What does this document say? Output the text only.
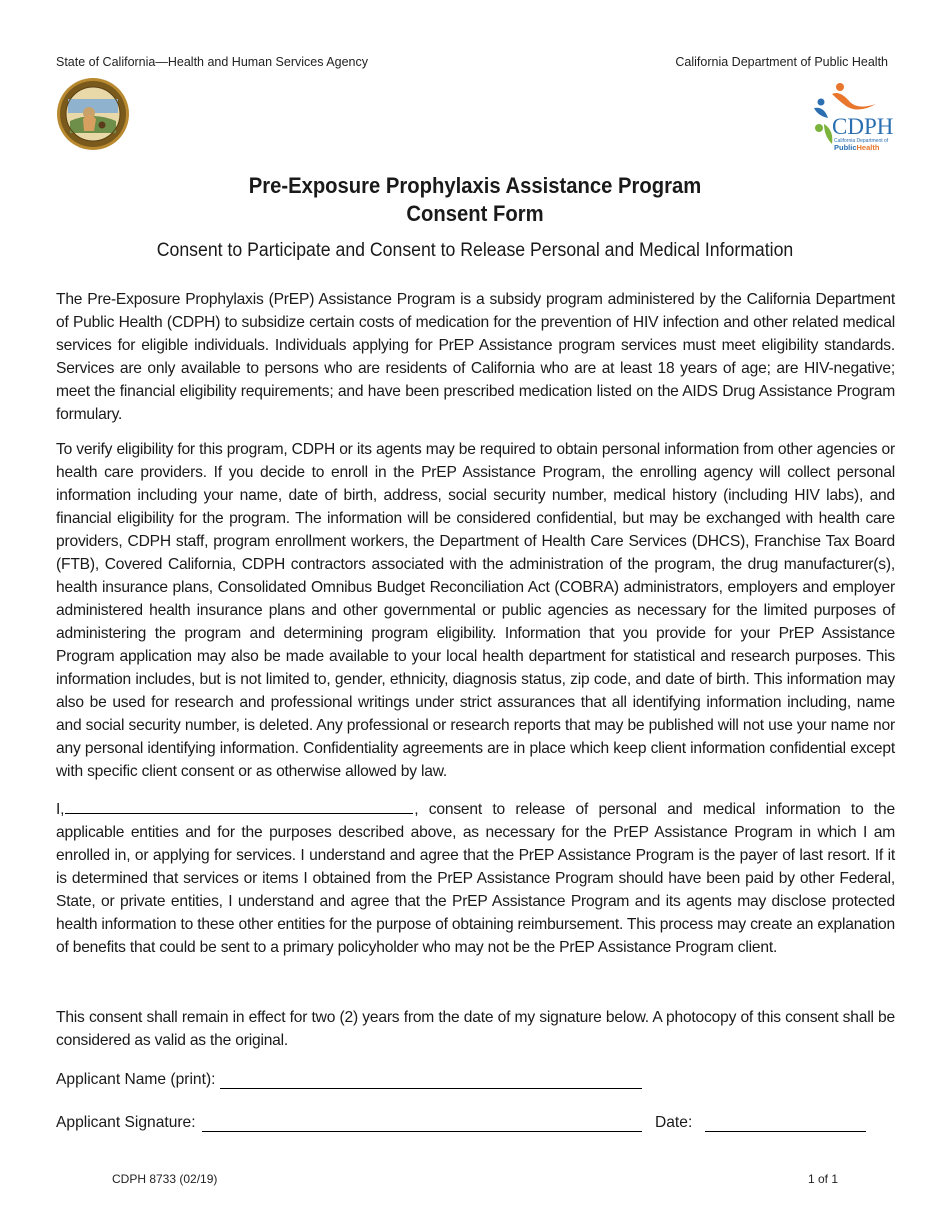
State of California—Health and Human Services Agency	California Department of Public Health
CDPH
California Department of
PublicHealth
Pre-Exposure Prophylaxis Assistance Program
Consent Form
Consent to Participate and Consent to Release Personal and Medical Information
The Pre-Exposure Prophylaxis (PrEP) Assistance Program is a subsidy program administered by the California Department of Public Health (CDPH) to subsidize certain costs of medication for the prevention of HIV infection and other related medical services for eligible individuals. Individuals applying for PrEP Assistance program services must meet eligibility standards. Services are only available to persons who are residents of California who are at least 18 years of age; are HIV-negative; meet the financial eligibility requirements; and have been prescribed medication listed on the AIDS Drug Assistance Program formulary.
To verify eligibility for this program, CDPH or its agents may be required to obtain personal information from other agencies or health care providers. If you decide to enroll in the PrEP Assistance Program, the enrolling agency will collect personal information including your name, date of birth, address, social security number, medical history (including HIV labs), and financial eligibility for the program. The information will be considered confidential, but may be exchanged with health care providers, CDPH staff, program enrollment workers, the Department of Health Care Services (DHCS), Franchise Tax Board (FTB), Covered California, CDPH contractors associated with the administration of the program, the drug manufacturer(s), health insurance plans, Consolidated Omnibus Budget Reconciliation Act (COBRA) administrators, employers and employer administered health insurance plans and other governmental or public agencies as necessary for the limited purposes of administering the program and determining program eligibility. Information that you provide for your PrEP Assistance Program application may also be made available to your local health department for statistical and research purposes. This information includes, but is not limited to, gender, ethnicity, diagnosis status, zip code, and date of birth. This information may also be used for research and professional writings under strict assurances that all identifying information including, name and social security number, is deleted. Any professional or research reports that may be published will not use your name nor any personal identifying information. Confidentiality agreements are in place which keep client information confidential except with specific client consent or as otherwise allowed by law.
I,	, consent to release of personal and medical information to the applicable entities and for the purposes described above, as necessary for the PrEP Assistance Program in which I am enrolled in, or applying for services. I understand and agree that the PrEP Assistance Program is the payer of last resort. If it is determined that services or items I obtained from the PrEP Assistance Program should have been paid by other Federal, State, or private entities, I understand and agree that the PrEP Assistance Program and its agents may disclose protected health information to these other entities for the purpose of obtaining reimbursement. This process may create an explanation of benefits that could be sent to a primary policyholder who may not be the PrEP Assistance Program client.
This consent shall remain in effect for two (2) years from the date of my signature below. A photocopy of this consent shall be considered as valid as the original.
Applicant Name (print):
Applicant Signature:	Date:
CDPH 8733 (02/19)	1 of 1
